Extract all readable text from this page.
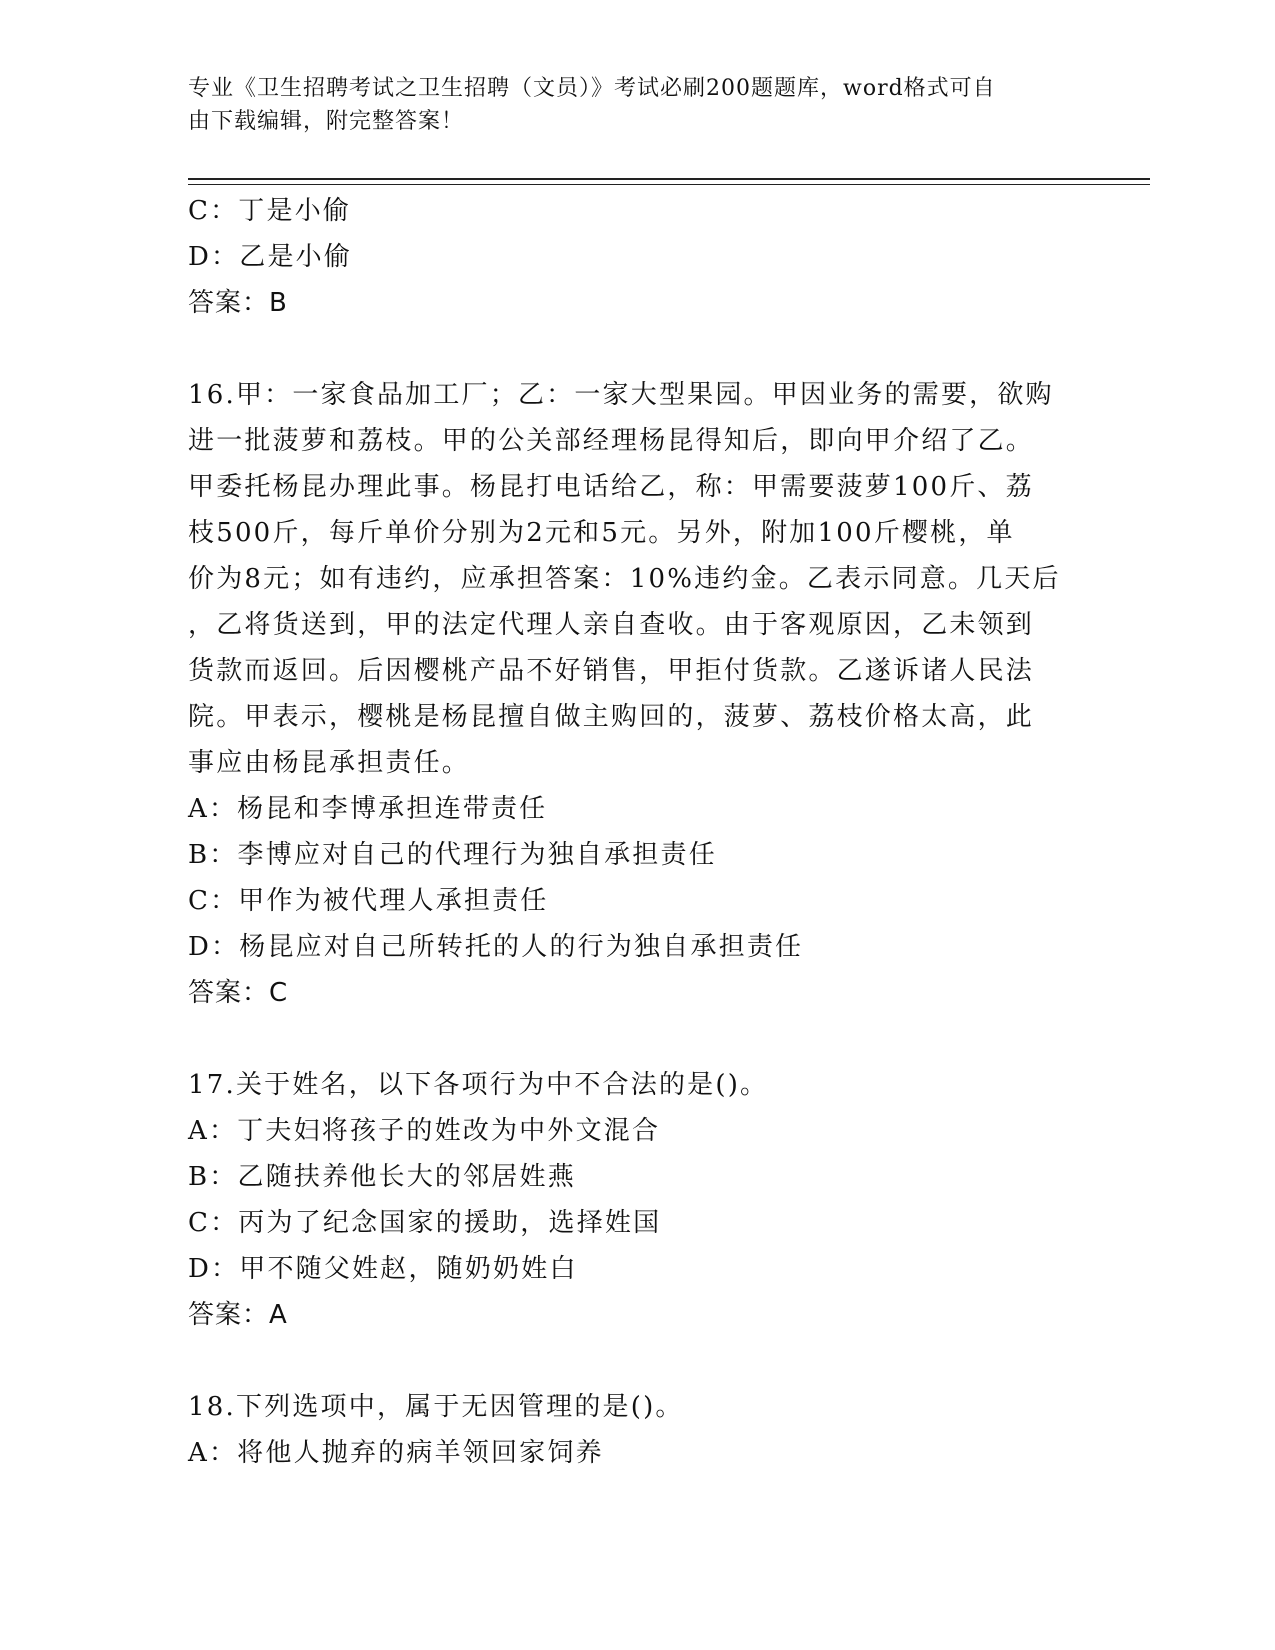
专业《卫生招聘考试之卫生招聘（文员）》考试必刷200题题库，word格式可自
由下载编辑，附完整答案！
C：丁是小偷
D：乙是小偷
答案：B
16.甲：一家食品加工厂；乙：一家大型果园。甲因业务的需要，欲购
进一批菠萝和荔枝。甲的公关部经理杨昆得知后，即向甲介绍了乙。
甲委托杨昆办理此事。杨昆打电话给乙，称：甲需要菠萝100斤、荔
枝500斤，每斤单价分别为2元和5元。另外，附加100斤樱桃，单
价为8元；如有违约，应承担答案：10%违约金。乙表示同意。几天后
，乙将货送到，甲的法定代理人亲自查收。由于客观原因，乙未领到
货款而返回。后因樱桃产品不好销售，甲拒付货款。乙遂诉诸人民法
院。甲表示，樱桃是杨昆擅自做主购回的，菠萝、荔枝价格太高，此
事应由杨昆承担责任。
A：杨昆和李博承担连带责任
B：李博应对自己的代理行为独自承担责任
C：甲作为被代理人承担责任
D：杨昆应对自己所转托的人的行为独自承担责任
答案：C
17.关于姓名，以下各项行为中不合法的是()。
A：丁夫妇将孩子的姓改为中外文混合
B：乙随扶养他长大的邻居姓燕
C：丙为了纪念国家的援助，选择姓国
D：甲不随父姓赵，随奶奶姓白
答案：A
18.下列选项中，属于无因管理的是()。
A：将他人抛弃的病羊领回家饲养
